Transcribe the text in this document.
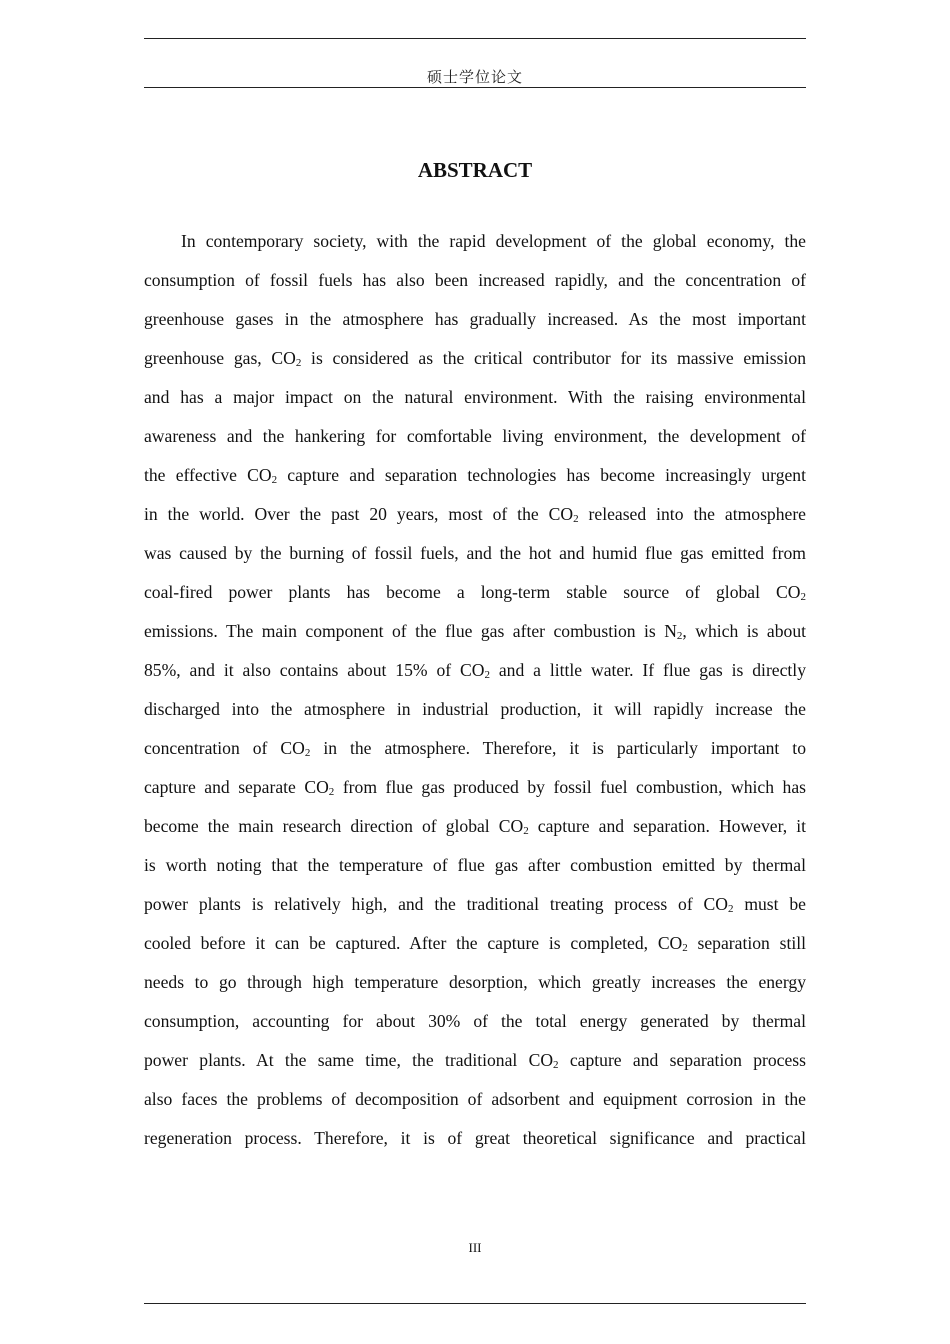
硕士学位论文
ABSTRACT
In contemporary society, with the rapid development of the global economy, the
consumption of fossil fuels has also been increased rapidly, and the concentration of
greenhouse gases in the atmosphere has gradually increased. As the most important
greenhouse gas, $CO_2$ is considered as the critical contributor for its massive emission
and has a major impact on the natural environment. With the raising environmental
awareness and the hankering for comfortable living environment, the development of
the effective $CO_2$ capture and separation technologies has become increasingly urgent
in the world. Over the past 20 years, most of the $CO_2$ released into the atmosphere
was caused by the burning of fossil fuels, and the hot and humid flue gas emitted from
coal-fired power plants has become a long-term stable source of global $CO_2$
emissions. The main component of the flue gas after combustion is $N_2$, which is about
85%, and it also contains about 15% of $CO_2$ and a little water. If flue gas is directly
discharged into the atmosphere in industrial production, it will rapidly increase the
concentration of $CO_2$ in the atmosphere. Therefore, it is particularly important to
capture and separate $CO_2$ from flue gas produced by fossil fuel combustion, which has
become the main research direction of global $CO_2$ capture and separation. However, it
is worth noting that the temperature of flue gas after combustion emitted by thermal
power plants is relatively high, and the traditional treating process of $CO_2$ must be
cooled before it can be captured. After the capture is completed, $CO_2$ separation still
needs to go through high temperature desorption, which greatly increases the energy
consumption, accounting for about 30% of the total energy generated by thermal
power plants. At the same time, the traditional $CO_2$ capture and separation process
also faces the problems of decomposition of adsorbent and equipment corrosion in the
regeneration process. Therefore, it is of great theoretical significance and practical
III
